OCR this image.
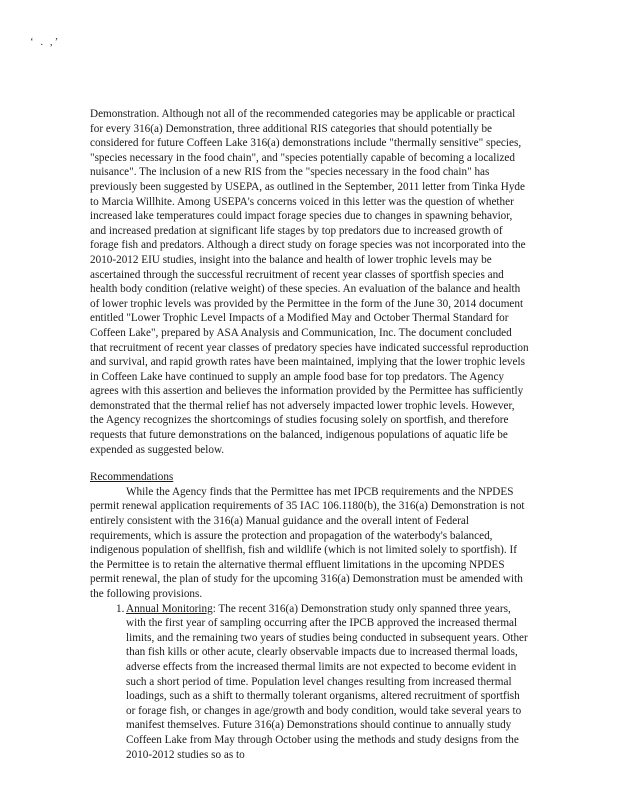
‘ . ,’

Demonstration. Although not all of the recommended categories may be applicable or practical for every 316(a) Demonstration, three additional RIS categories that should potentially be considered for future Coffeen Lake 316(a) demonstrations include "thermally sensitive" species, "species necessary in the food chain", and "species potentially capable of becoming a localized nuisance". The inclusion of a new RIS from the "species necessary in the food chain" has previously been suggested by USEPA, as outlined in the September, 2011 letter from Tinka Hyde to Marcia Willhite. Among USEPA's concerns voiced in this letter was the question of whether increased lake temperatures could impact forage species due to changes in spawning behavior, and increased predation at significant life stages by top predators due to increased growth of forage fish and predators. Although a direct study on forage species was not incorporated into the 2010-2012 EIU studies, insight into the balance and health of lower trophic levels may be ascertained through the successful recruitment of recent year classes of sportfish species and health body condition (relative weight) of these species. An evaluation of the balance and health of lower trophic levels was provided by the Permittee in the form of the June 30, 2014 document entitled "Lower Trophic Level Impacts of a Modified May and October Thermal Standard for Coffeen Lake", prepared by ASA Analysis and Communication, Inc. The document concluded that recruitment of recent year classes of predatory species have indicated successful reproduction and survival, and rapid growth rates have been maintained, implying that the lower trophic levels in Coffeen Lake have continued to supply an ample food base for top predators. The Agency agrees with this assertion and believes the information provided by the Permittee has sufficiently demonstrated that the thermal relief has not adversely impacted lower trophic levels. However, the Agency recognizes the shortcomings of studies focusing solely on sportfish, and therefore requests that future demonstrations on the balanced, indigenous populations of aquatic life be expended as suggested below.

Recommendations

While the Agency finds that the Permittee has met IPCB requirements and the NPDES permit renewal application requirements of 35 IAC 106.1180(b), the 316(a) Demonstration is not entirely consistent with the 316(a) Manual guidance and the overall intent of Federal requirements, which is assure the protection and propagation of the waterbody's balanced, indigenous population of shellfish, fish and wildlife (which is not limited solely to sportfish). If the Permittee is to retain the alternative thermal effluent limitations in the upcoming NPDES permit renewal, the plan of study for the upcoming 316(a) Demonstration must be amended with the following provisions.

1. Annual Monitoring: The recent 316(a) Demonstration study only spanned three years, with the first year of sampling occurring after the IPCB approved the increased thermal limits, and the remaining two years of studies being conducted in subsequent years. Other than fish kills or other acute, clearly observable impacts due to increased thermal loads, adverse effects from the increased thermal limits are not expected to become evident in such a short period of time. Population level changes resulting from increased thermal loadings, such as a shift to thermally tolerant organisms, altered recruitment of sportfish or forage fish, or changes in age/growth and body condition, would take several years to manifest themselves. Future 316(a) Demonstrations should continue to annually study Coffeen Lake from May through October using the methods and study designs from the 2010-2012 studies so as to
